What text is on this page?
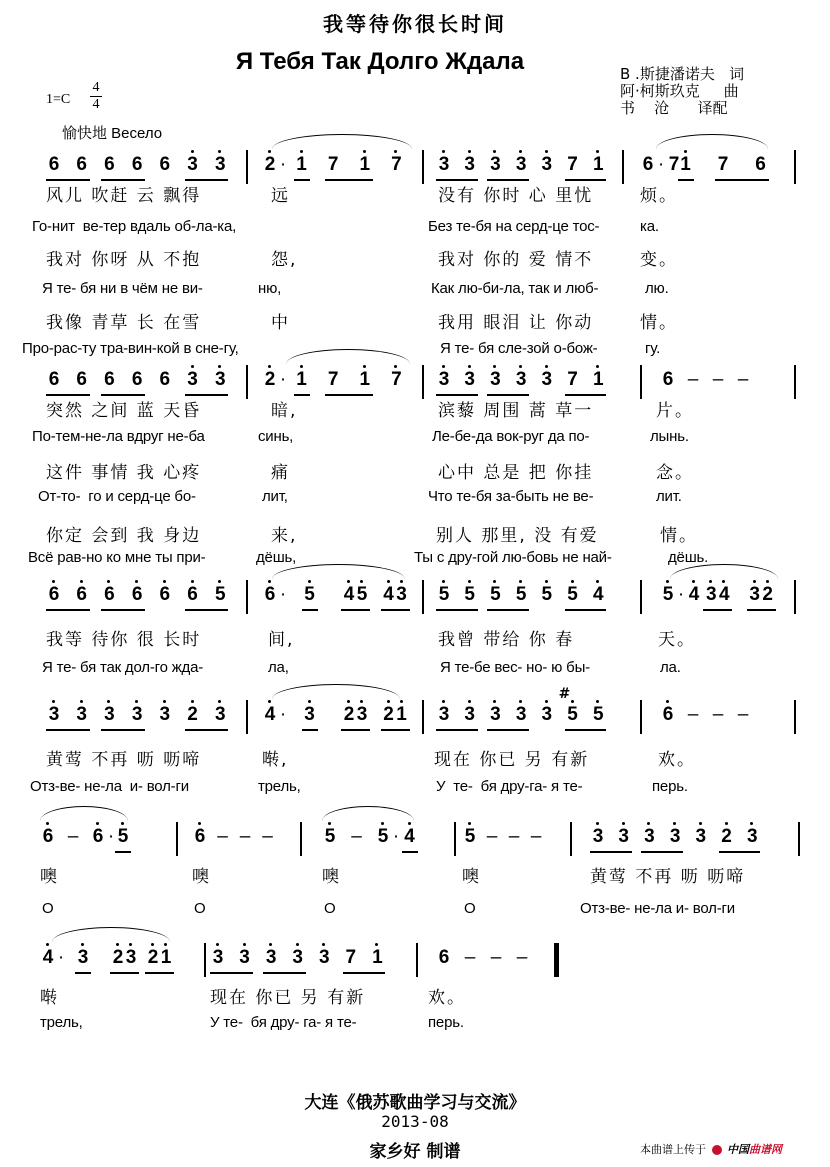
我等待你很长时间
Я Тебя Так Долго Ждала	В .斯捷潘诺夫   词
阿·柯斯玖克     曲
书    沧      译配
1=C
4
4
愉快地 Весело
6 6 6 6 6 3 3 2 · 1 7 1 7 3 3 3 3 3 7 1 6 · 7 1 7 6
6 6 6 6 6 3 3 2 · 1 7 1 7 3 3 3 3 3 7 1	6 – – –
6 6 6 6 6 6 5 6 · 5 4 5 4 3 5 5 5 5 5 5 4	5 · 4 3 4 3 2
3 3 3 3 3 2 3 4 · 3 2 3 2 1 3 3 3 3 3
#
5 5	6 – – –
6 – 6 · 5	6 – – –	5 – 5 · 4	5 – – –	3 3 3 3 3 2 3
4 · 3 2 3 2 1 3 3 3 3 3 7 1	6 – – –
风儿 吹赶 云 飘得	远	没有 你时 心 里忧	烦。
Го-нит  ве-тер вдаль об-ла-ка,	Без те-бя на серд-це тос-	ка.
我对 你呀 从 不抱	怨,	我对 你的 爱 情不	变。
Я те- бя ни в чём не ви-	ню,	Как лю-би-ла, так и люб-	лю.
我像 青草 长 在雪	中	我用 眼泪 让 你动	情。
Про-рас-ту тра-вин-кой в сне-гу,	Я те- бя сле-зой о-бож-	гу.
突然 之间 蓝 天昏	暗,	滨藜 周围 蒿 草一	片。
По-тем-не-ла вдруг не-ба	синь,	Ле-бе-да вок-руг да по-	лынь.
这件 事情 我 心疼	痛	心中 总是 把 你挂	念。
От-то-  го и серд-це бо-	лит,	Что те-бя за-быть не ве-	лит.
你定 会到 我 身边	来,	别人 那里, 没 有爱	情。
Всё рав-но ко мне ты при-	дёшь,	Ты с дру-гой лю-бовь не най-	дёшь.
我等 待你 很 长时	间,	我曾 带给 你 春	天。
Я те- бя так дол-го жда-	ла,	Я те-бе вес- но- ю бы-	ла.
黄莺 不再 呖 呖啼	啭,	现在 你已 另 有新	欢。
Отз-ве- не-ла  и- вол-ги	трель,	У  те-  бя дру-га- я те-	перь.
噢	噢	噢	噢	黄莺 不再 呖 呖啼
О	О	О	О	Отз-ве- не-ла и- вол-ги
啭	现在 你已 另 有新	欢。
трель,	У те-  бя дру- га- я те-	перь.
大连《俄苏歌曲学习与交流》
2013-08
家乡好 制谱	本曲谱上传于 中国曲谱网
